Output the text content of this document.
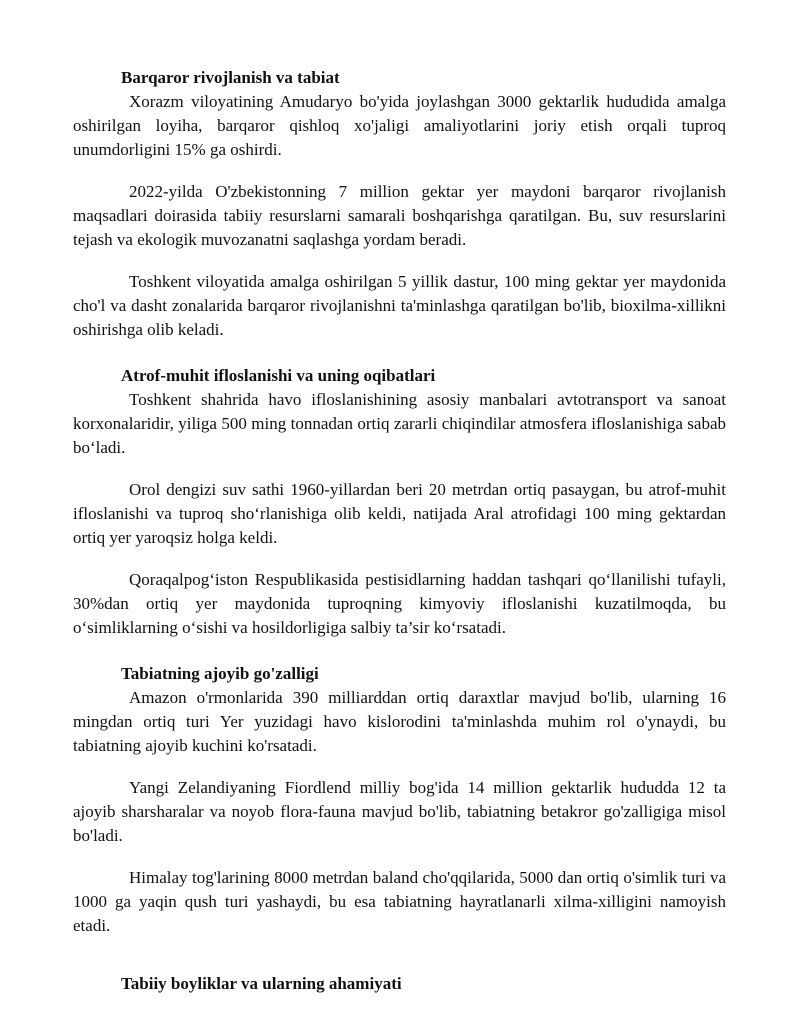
Barqaror rivojlanish va tabiat

Xorazm viloyatining Amudaryo bo'yida joylashgan 3000 gektarlik hududida amalga oshirilgan loyiha, barqaror qishloq xo'jaligi amaliyotlarini joriy etish orqali tuproq unumdorligini 15% ga oshirdi.

2022-yilda O'zbekistonning 7 million gektar yer maydoni barqaror rivojlanish maqsadlari doirasida tabiiy resurslarni samarali boshqarishga qaratilgan. Bu, suv resurslarini tejash va ekologik muvozanatni saqlashga yordam beradi.

Toshkent viloyatida amalga oshirilgan 5 yillik dastur, 100 ming gektar yer maydonida cho'l va dasht zonalarida barqaror rivojlanishni ta'minlashga qaratilgan bo'lib, bioxilma-xillikni oshirishga olib keladi.

Atrof-muhit ifloslanishi va uning oqibatlari

Toshkent shahrida havo ifloslanishining asosiy manbalari avtotransport va sanoat korxonalaridir, yiliga 500 ming tonnadan ortiq zararli chiqindilar atmosfera ifloslanishiga sabab bo‘ladi.

Orol dengizi suv sathi 1960-yillardan beri 20 metrdan ortiq pasaygan, bu atrof-muhit ifloslanishi va tuproq sho‘rlanishiga olib keldi, natijada Aral atrofidagi 100 ming gektardan ortiq yer yaroqsiz holga keldi.

Qoraqalpog‘iston Respublikasida pestisidlarning haddan tashqari qo‘llanilishi tufayli, 30%dan ortiq yer maydonida tuproqning kimyoviy ifloslanishi kuzatilmoqda, bu o‘simliklarning o‘sishi va hosildorligiga salbiy ta’sir ko‘rsatadi.

Tabiatning ajoyib go'zalligi

Amazon o'rmonlarida 390 milliarddan ortiq daraxtlar mavjud bo'lib, ularning 16 mingdan ortiq turi Yer yuzidagi havo kislorodini ta'minlashda muhim rol o'ynaydi, bu tabiatning ajoyib kuchini ko'rsatadi.

Yangi Zelandiyaning Fiordlend milliy bog'ida 14 million gektarlik hududda 12 ta ajoyib sharsharalar va noyob flora-fauna mavjud bo'lib, tabiatning betakror go'zalligiga misol bo'ladi.

Himalay tog'larining 8000 metrdan baland cho'qqilarida, 5000 dan ortiq o'simlik turi va 1000 ga yaqin qush turi yashaydi, bu esa tabiatning hayratlanarli xilma-xilligini namoyish etadi.

Tabiiy boyliklar va ularning ahamiyati
